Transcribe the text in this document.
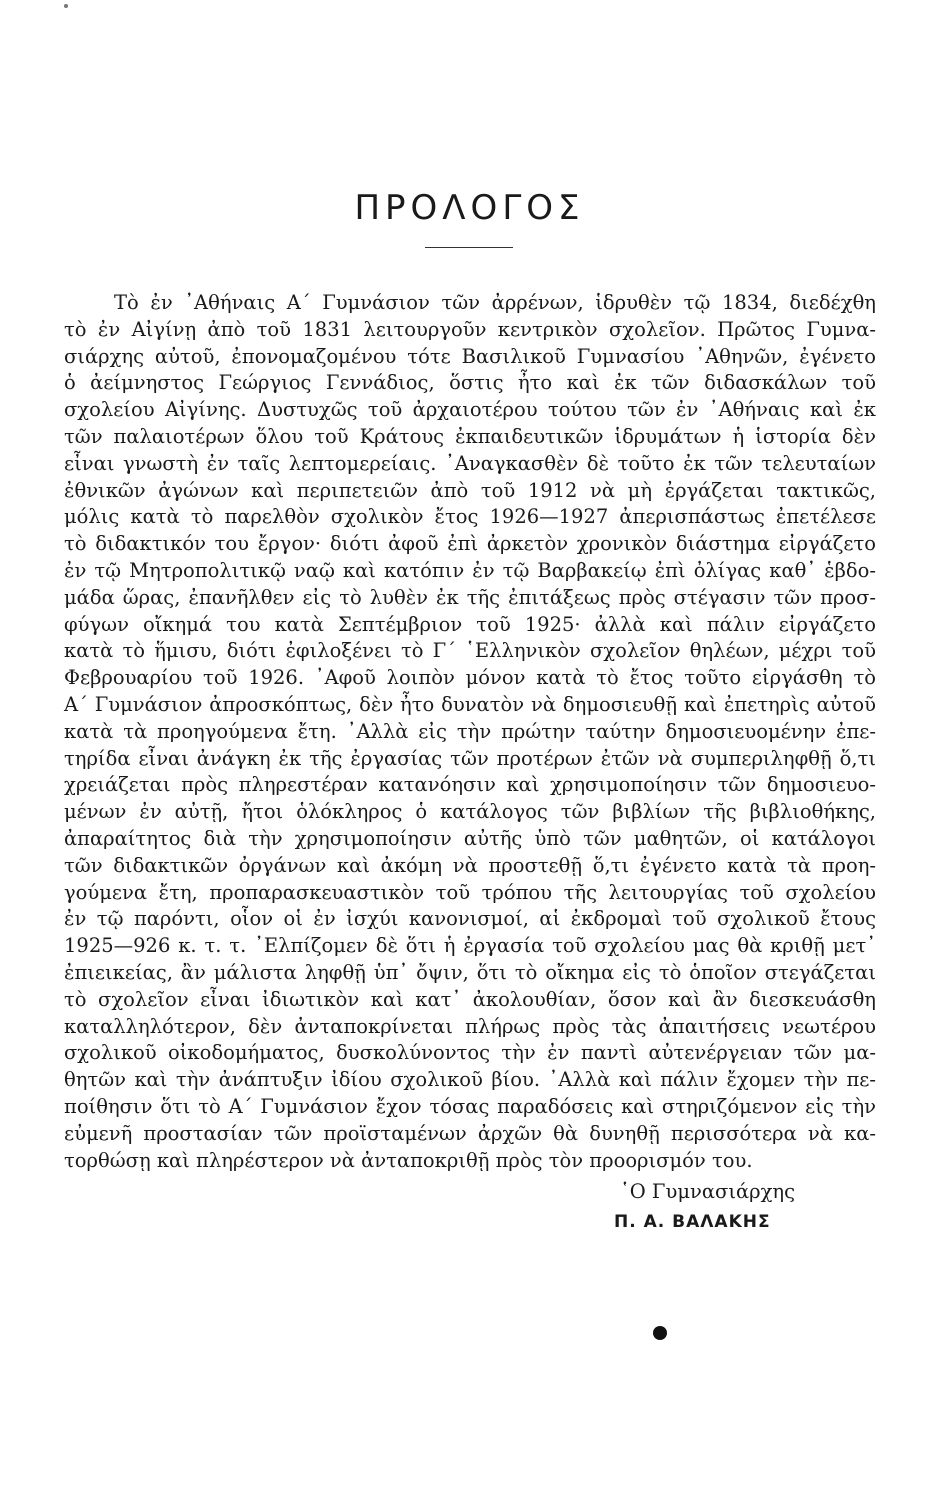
ΠΡΟΛΟΓΟΣ
Τὸ ἐν ᾿Αθήναις Α΄ Γυμνάσιον τῶν ἀρρένων, ἱδρυθὲν τῷ 1834, διεδέχθη
τὸ ἐν Αἰγίνῃ ἀπὸ τοῦ 1831 λειτουργοῦν κεντρικὸν σχολεῖον. Πρῶτος Γυμνα-
σιάρχης αὐτοῦ, ἐπονομαζομένου τότε Βασιλικοῦ Γυμνασίου ᾿Αθηνῶν, ἐγένετο
ὁ ἀείμνηστος Γεώργιος Γεννάδιος, ὅστις ἦτο καὶ ἐκ τῶν διδασκάλων τοῦ
σχολείου Αἰγίνης. Δυστυχῶς τοῦ ἀρχαιοτέρου τούτου τῶν ἐν ᾿Αθήναις καὶ ἐκ
τῶν παλαιοτέρων ὅλου τοῦ Κράτους ἐκπαιδευτικῶν ἱδρυμάτων ἡ ἱστορία δὲν
εἶναι γνωστὴ ἐν ταῖς λεπτομερείαις. ᾿Αναγκασθὲν δὲ τοῦτο ἐκ τῶν τελευταίων
ἐθνικῶν ἀγώνων καὶ περιπετειῶν ἀπὸ τοῦ 1912 νὰ μὴ ἐργάζεται τακτικῶς,
μόλις κατὰ τὸ παρελθὸν σχολικὸν ἔτος 1926—1927 ἀπερισπάστως ἐπετέλεσε
τὸ διδακτικόν του ἔργον· διότι ἀφοῦ ἐπὶ ἀρκετὸν χρονικὸν διάστημα εἰργάζετο
ἐν τῷ Μητροπολιτικῷ ναῷ καὶ κατόπιν ἐν τῷ Βαρβακείῳ ἐπὶ ὀλίγας καθ᾿ ἑβδο-
μάδα ὥρας, ἐπανῆλθεν εἰς τὸ λυθὲν ἐκ τῆς ἐπιτάξεως πρὸς στέγασιν τῶν προσ-
φύγων οἴκημά του κατὰ Σεπτέμβριον τοῦ 1925· ἀλλὰ καὶ πάλιν εἰργάζετο
κατὰ τὸ ἥμισυ, διότι ἐφιλοξένει τὸ Γ΄ ῾Ελληνικὸν σχολεῖον θηλέων, μέχρι τοῦ
Φεβρουαρίου τοῦ 1926. ᾿Αφοῦ λοιπὸν μόνον κατὰ τὸ ἔτος τοῦτο εἰργάσθη τὸ
Α΄ Γυμνάσιον ἀπροσκόπτως, δὲν ἦτο δυνατὸν νὰ δημοσιευθῇ καὶ ἐπετηρὶς αὐτοῦ
κατὰ τὰ προηγούμενα ἔτη. ᾿Αλλὰ εἰς τὴν πρώτην ταύτην δημοσιευομένην ἐπε-
τηρίδα εἶναι ἀνάγκη ἐκ τῆς ἐργασίας τῶν προτέρων ἐτῶν νὰ συμπεριληφθῇ ὅ,τι
χρειάζεται πρὸς πληρεστέραν κατανόησιν καὶ χρησιμοποίησιν τῶν δημοσιευο-
μένων ἐν αὐτῇ, ἤτοι ὁλόκληρος ὁ κατάλογος τῶν βιβλίων τῆς βιβλιοθήκης,
ἀπαραίτητος διὰ τὴν χρησιμοποίησιν αὐτῆς ὑπὸ τῶν μαθητῶν, οἱ κατάλογοι
τῶν διδακτικῶν ὀργάνων καὶ ἀκόμη νὰ προστεθῇ ὅ,τι ἐγένετο κατὰ τὰ προη-
γούμενα ἔτη, προπαρασκευαστικὸν τοῦ τρόπου τῆς λειτουργίας τοῦ σχολείου
ἐν τῷ παρόντι, οἷον οἱ ἐν ἰσχύι κανονισμοί, αἱ ἐκδρομαὶ τοῦ σχολικοῦ ἔτους
1925—926 κ. τ. τ. ᾿Ελπίζομεν δὲ ὅτι ἡ ἐργασία τοῦ σχολείου μας θὰ κριθῇ μετ᾿
ἐπιεικείας, ἂν μάλιστα ληφθῇ ὑπ᾿ ὄψιν, ὅτι τὸ οἴκημα εἰς τὸ ὁποῖον στεγάζεται
τὸ σχολεῖον εἶναι ἰδιωτικὸν καὶ κατ᾿ ἀκολουθίαν, ὅσον καὶ ἂν διεσκευάσθη
καταλληλότερον, δὲν ἀνταποκρίνεται πλήρως πρὸς τὰς ἀπαιτήσεις νεωτέρου
σχολικοῦ οἰκοδομήματος, δυσκολύνοντος τὴν ἐν παντὶ αὐτενέργειαν τῶν μα-
θητῶν καὶ τὴν ἀνάπτυξιν ἰδίου σχολικοῦ βίου. ᾿Αλλὰ καὶ πάλιν ἔχομεν τὴν πε-
ποίθησιν ὅτι τὸ Α΄ Γυμνάσιον ἔχον τόσας παραδόσεις καὶ στηριζόμενον εἰς τὴν
εὐμενῆ προστασίαν τῶν προϊσταμένων ἀρχῶν θὰ δυνηθῇ περισσότερα νὰ κα-
τορθώσῃ καὶ πληρέστερον νὰ ἀνταποκριθῇ πρὸς τὸν προορισμόν του.
῾Ο Γυμνασιάρχης
Π. Α. ΒΑΛΑΚΗΣ
